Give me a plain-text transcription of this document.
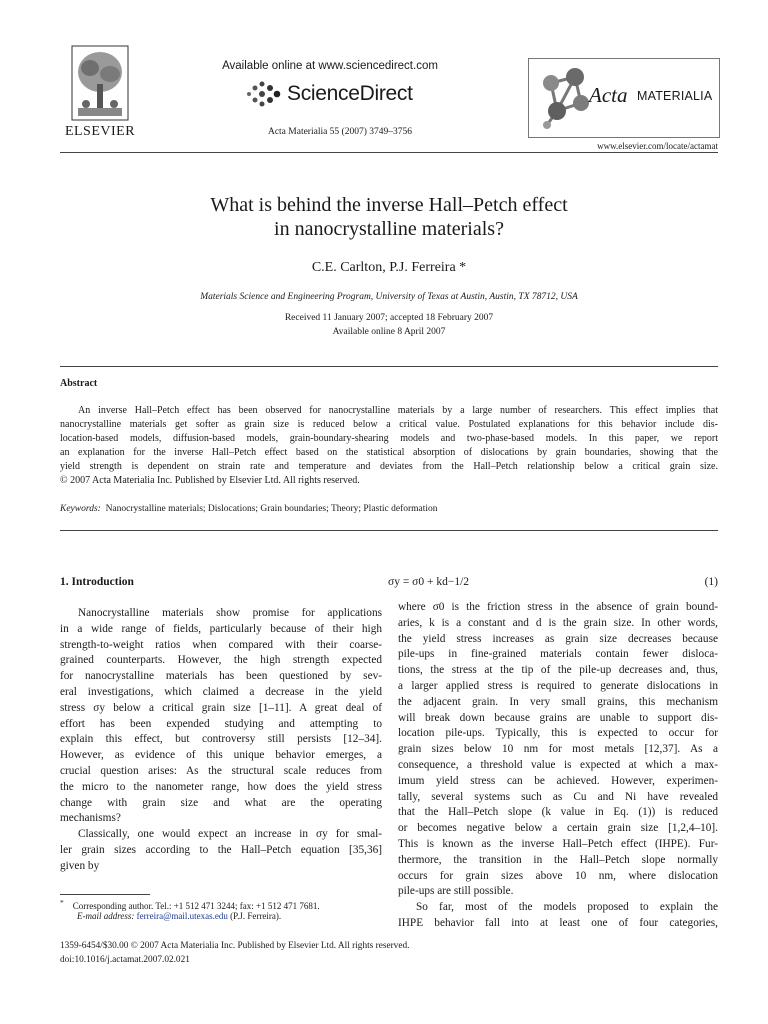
ELSEVIER
Available online at www.sciencedirect.com
ScienceDirect
Acta Materialia 55 (2007) 3749–3756
Acta MATERIALIA
www.elsevier.com/locate/actamat
What is behind the inverse Hall–Petch effect
in nanocrystalline materials?
C.E. Carlton, P.J. Ferreira *
Materials Science and Engineering Program, University of Texas at Austin, Austin, TX 78712, USA
Received 11 January 2007; accepted 18 February 2007
Available online 8 April 2007
Abstract
An inverse Hall–Petch effect has been observed for nanocrystalline materials by a large number of researchers. This effect implies that
nanocrystalline materials get softer as grain size is reduced below a critical value. Postulated explanations for this behavior include dis-
location-based models, diffusion-based models, grain-boundary-shearing models and two-phase-based models. In this paper, we report
an explanation for the inverse Hall–Petch effect based on the statistical absorption of dislocations by grain boundaries, showing that the
yield strength is dependent on strain rate and temperature and deviates from the Hall–Petch relationship below a critical grain size.
© 2007 Acta Materialia Inc. Published by Elsevier Ltd. All rights reserved.
Keywords: Nanocrystalline materials; Dislocations; Grain boundaries; Theory; Plastic deformation
1. Introduction
Nanocrystalline materials show promise for applications
in a wide range of fields, particularly because of their high
strength-to-weight ratios when compared with their coarse-
grained counterparts. However, the high strength expected
for nanocrystalline materials has been questioned by sev-
eral investigations, which claimed a decrease in the yield
stress σy below a critical grain size [1–11]. A great deal of
effort has been expended studying and attempting to
explain this effect, but controversy still persists [12–34].
However, as evidence of this unique behavior emerges, a
crucial question arises: As the structural scale reduces from
the micro to the nanometer range, how does the yield stress
change with grain size and what are the operating
mechanisms?
Classically, one would expect an increase in σy for smal-
ler grain sizes according to the Hall–Petch equation [35,36]
given by
* Corresponding author. Tel.: +1 512 471 3244; fax: +1 512 471 7681.
E-mail address: ferreira@mail.utexas.edu (P.J. Ferreira).
σy = σ0 + kd−1/2	(1)
where σ0 is the friction stress in the absence of grain bound-
aries, k is a constant and d is the grain size. In other words,
the yield stress increases as grain size decreases because
pile-ups in fine-grained materials contain fewer disloca-
tions, the stress at the tip of the pile-up decreases and, thus,
a larger applied stress is required to generate dislocations in
the adjacent grain. In very small grains, this mechanism
will break down because grains are unable to support dis-
location pile-ups. Typically, this is expected to occur for
grain sizes below 10 nm for most metals [12,37]. As a
consequence, a threshold value is expected at which a max-
imum yield stress can be achieved. However, experimen-
tally, several systems such as Cu and Ni have revealed
that the Hall–Petch slope (k value in Eq. (1)) is reduced
or becomes negative below a certain grain size [1,2,4–10].
This is known as the inverse Hall–Petch effect (IHPE). Fur-
thermore, the transition in the Hall–Petch slope normally
occurs for grain sizes above 10 nm, where dislocation
pile-ups are still possible.
So far, most of the models proposed to explain the
IHPE behavior fall into at least one of four categories,
1359-6454/$30.00 © 2007 Acta Materialia Inc. Published by Elsevier Ltd. All rights reserved.
doi:10.1016/j.actamat.2007.02.021
